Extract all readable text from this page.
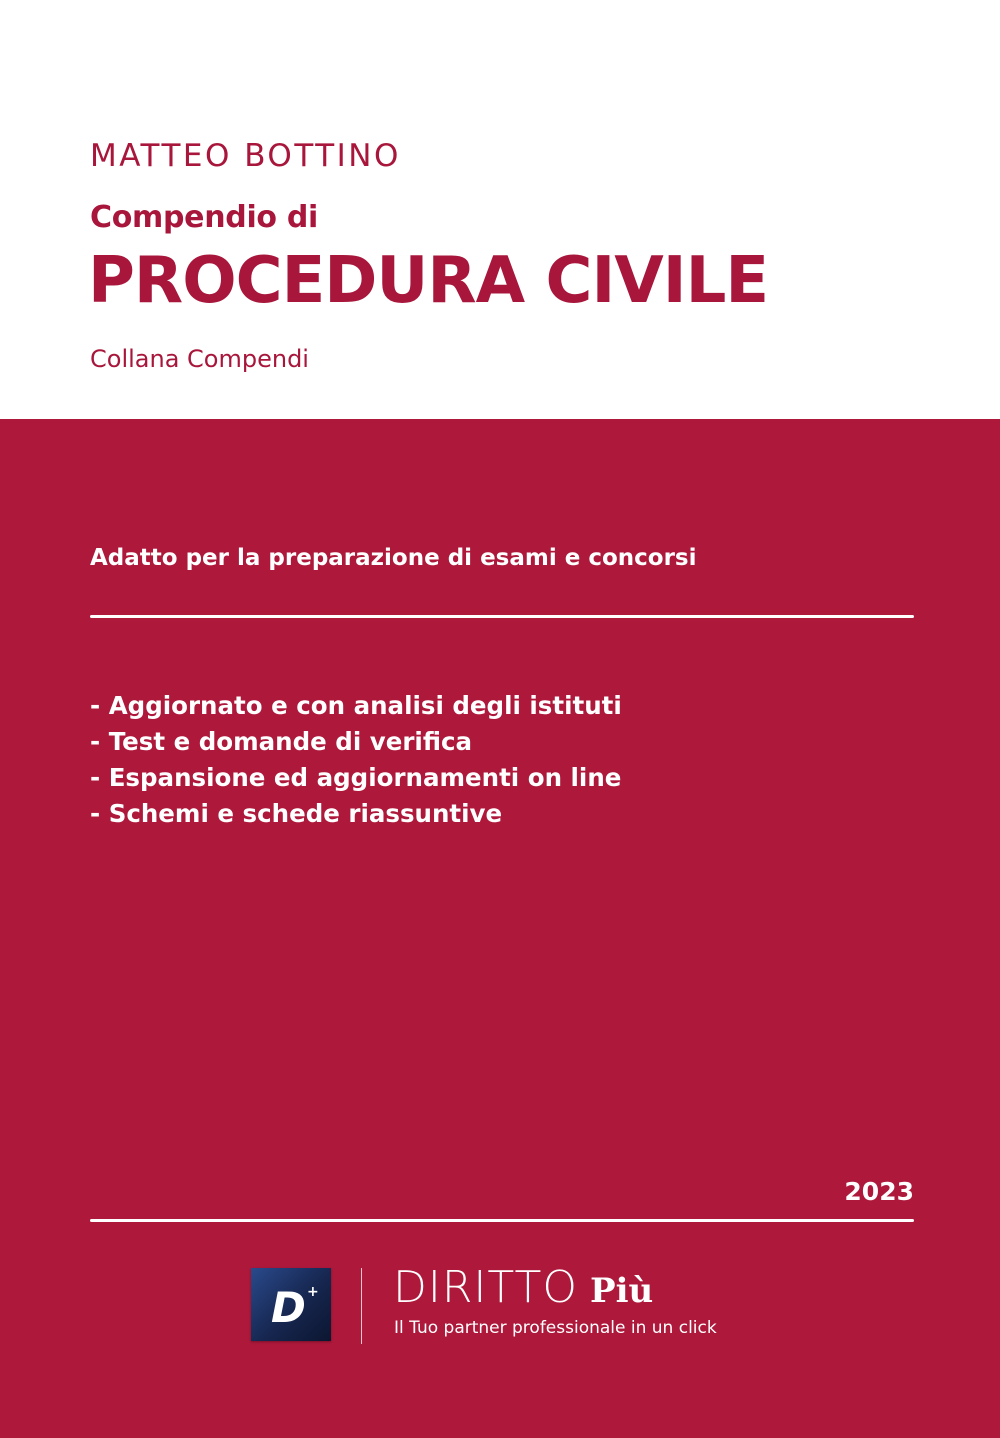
MATTEO BOTTINO
Compendio di
PROCEDURA CIVILE
Collana Compendi
Adatto per la preparazione di esami e concorsi
- Aggiornato e con analisi degli istituti
- Test e domande di verifica
- Espansione ed aggiornamenti on line
- Schemi e schede riassuntive
2023
D + DIRITTO Più
Il Tuo partner professionale in un click
